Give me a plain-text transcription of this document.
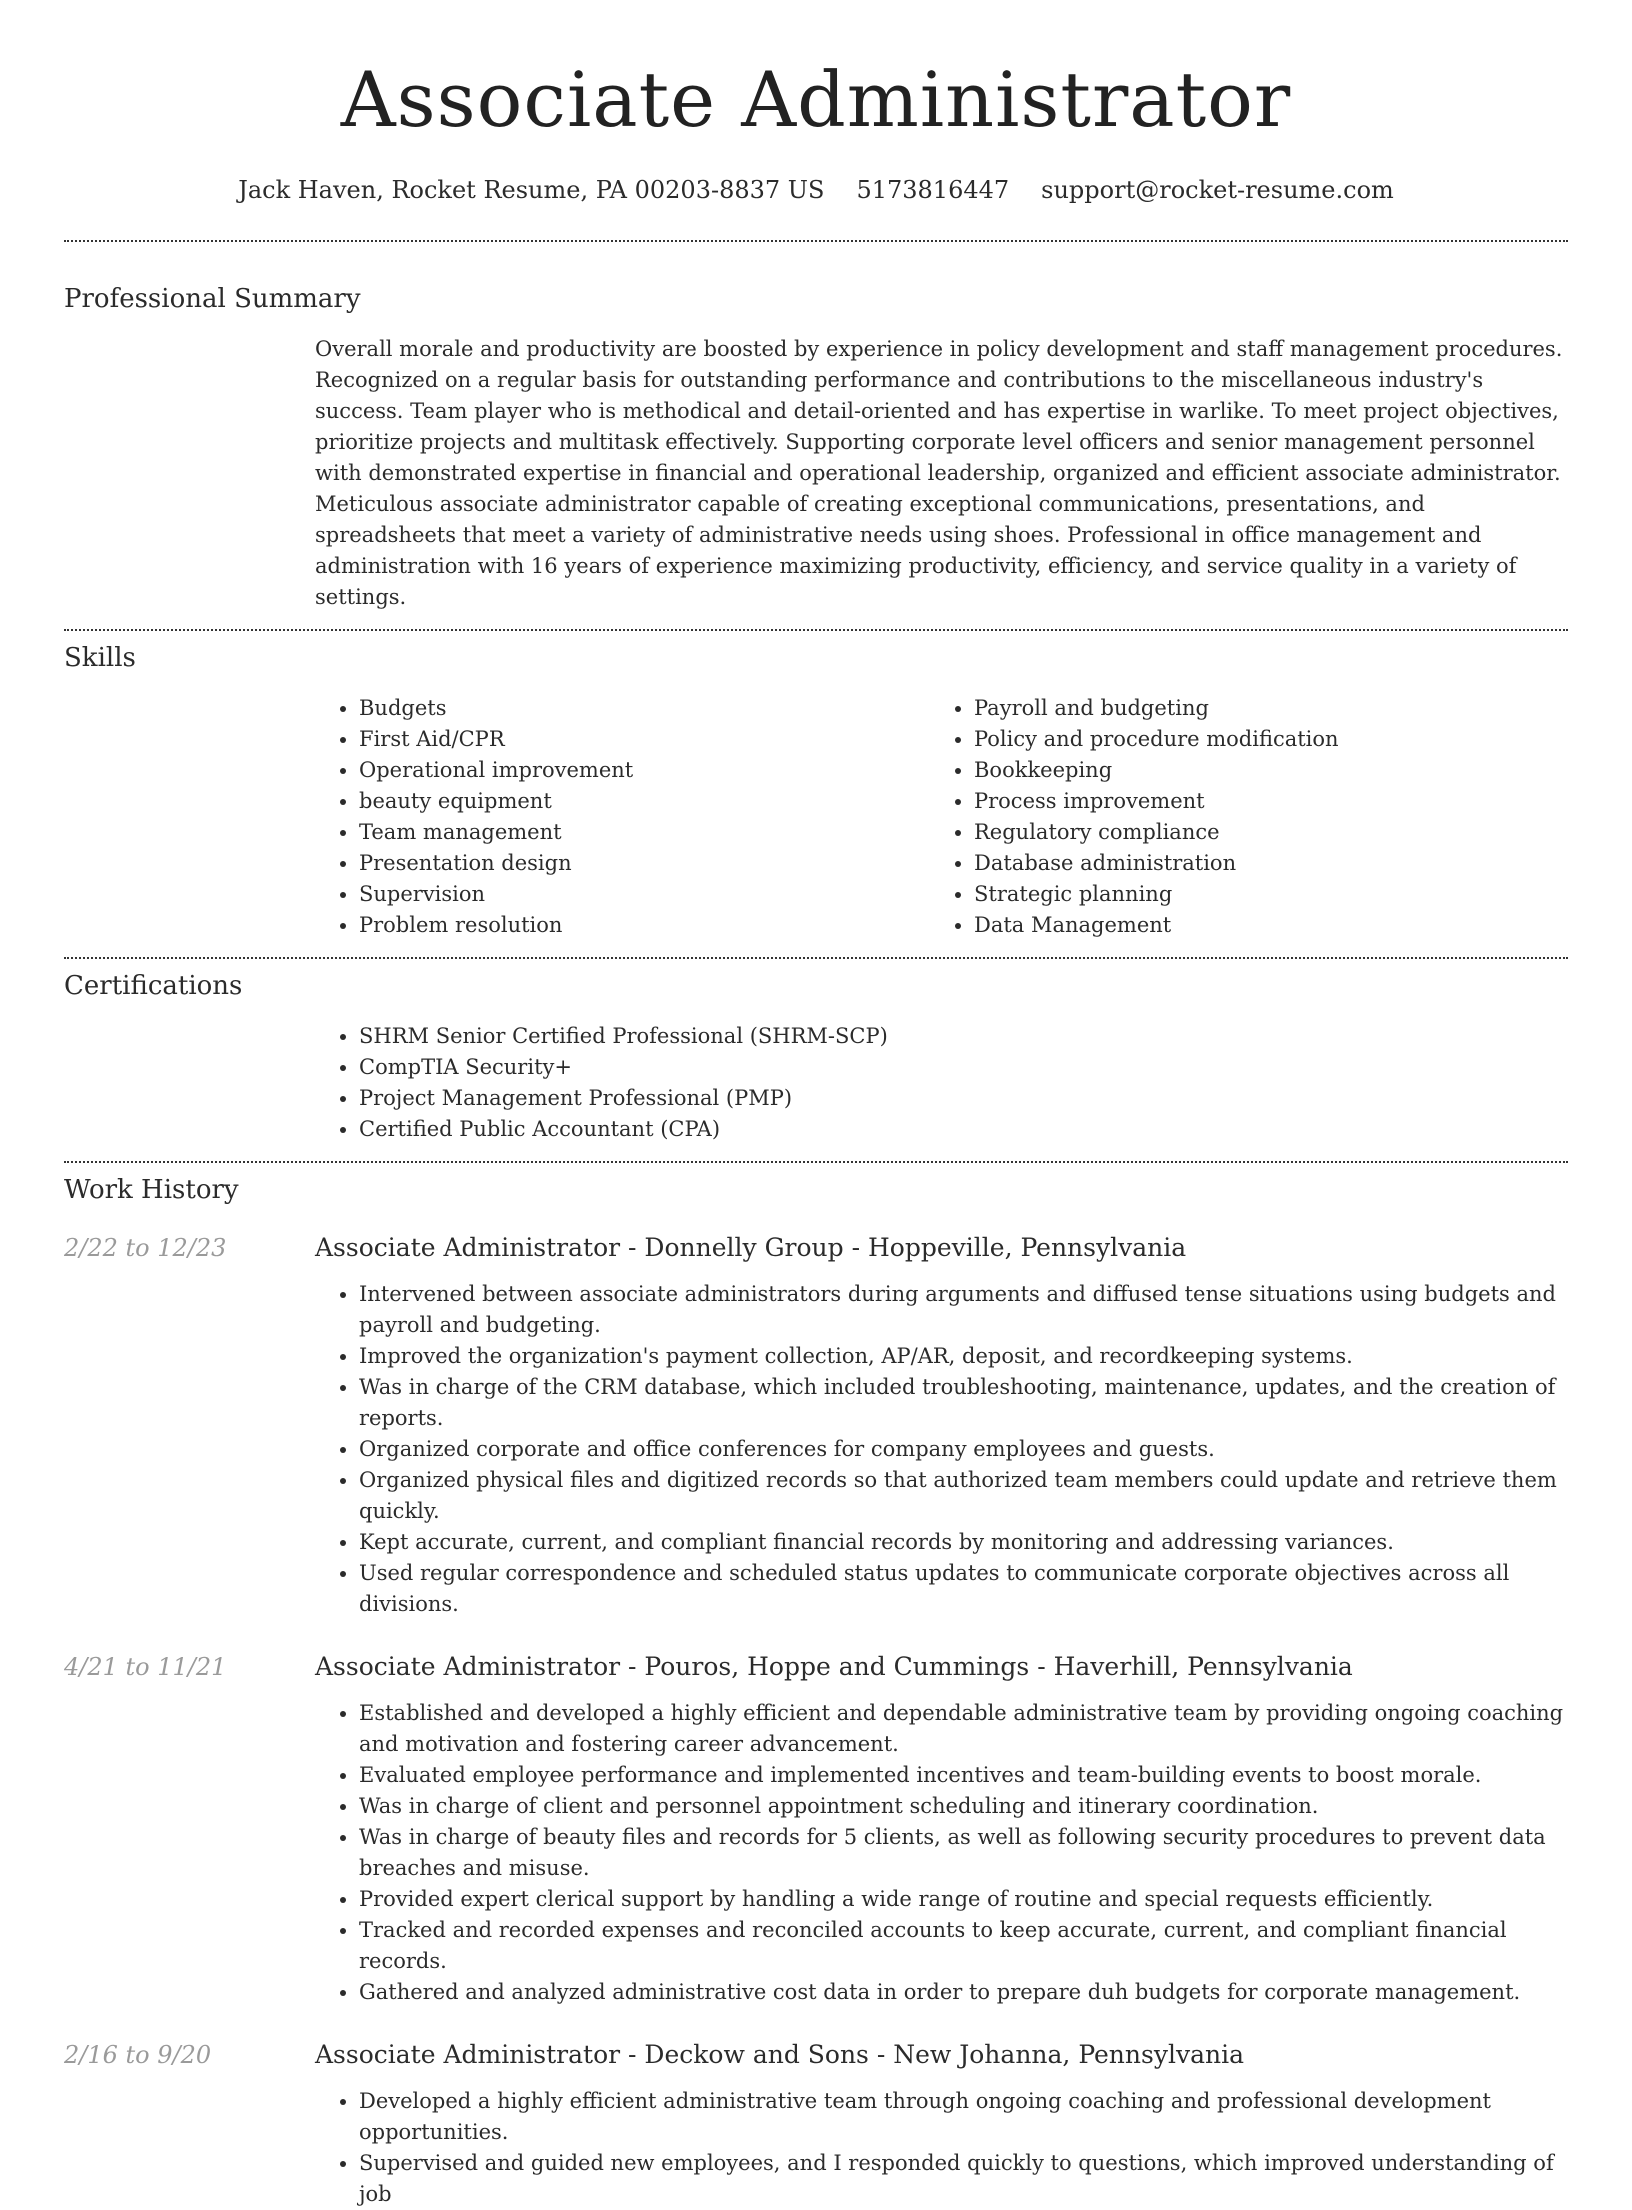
Associate Administrator
Jack Haven, Rocket Resume, PA 00203-8837 US 5173816447 support@rocket-resume.com
Professional Summary

Overall morale and productivity are boosted by experience in policy development and staff management procedures. Recognized on a regular basis for outstanding performance and contributions to the miscellaneous industry's success. Team player who is methodical and detail-oriented and has expertise in warlike. To meet project objectives, prioritize projects and multitask effectively. Supporting corporate level officers and senior management personnel with demonstrated expertise in financial and operational leadership, organized and efficient associate administrator. Meticulous associate administrator capable of creating exceptional communications, presentations, and spreadsheets that meet a variety of administrative needs using shoes. Professional in office management and administration with 16 years of experience maximizing productivity, efficiency, and service quality in a variety of settings.

Skills
• Budgets
• First Aid/CPR
• Operational improvement
• beauty equipment
• Team management
• Presentation design
• Supervision
• Problem resolution
• Payroll and budgeting
• Policy and procedure modification
• Bookkeeping
• Process improvement
• Regulatory compliance
• Database administration
• Strategic planning
• Data Management
Certifications
• SHRM Senior Certified Professional (SHRM-SCP)
• CompTIA Security+
• Project Management Professional (PMP)
• Certified Public Accountant (CPA)
Work History
2/22 to 12/23	Associate Administrator - Donnelly Group - Hoppeville, Pennsylvania
• Intervened between associate administrators during arguments and diffused tense situations using budgets and payroll and budgeting.
• Improved the organization's payment collection, AP/AR, deposit, and recordkeeping systems.
• Was in charge of the CRM database, which included troubleshooting, maintenance, updates, and the creation of reports.
• Organized corporate and office conferences for company employees and guests.
• Organized physical files and digitized records so that authorized team members could update and retrieve them quickly.
• Kept accurate, current, and compliant financial records by monitoring and addressing variances.
• Used regular correspondence and scheduled status updates to communicate corporate objectives across all divisions.
4/21 to 11/21	Associate Administrator - Pouros, Hoppe and Cummings - Haverhill, Pennsylvania
• Established and developed a highly efficient and dependable administrative team by providing ongoing coaching and motivation and fostering career advancement.
• Evaluated employee performance and implemented incentives and team-building events to boost morale.
• Was in charge of client and personnel appointment scheduling and itinerary coordination.
• Was in charge of beauty files and records for 5 clients, as well as following security procedures to prevent data breaches and misuse.
• Provided expert clerical support by handling a wide range of routine and special requests efficiently.
• Tracked and recorded expenses and reconciled accounts to keep accurate, current, and compliant financial records.
• Gathered and analyzed administrative cost data in order to prepare duh budgets for corporate management.
2/16 to 9/20	Associate Administrator - Deckow and Sons - New Johanna, Pennsylvania
• Developed a highly efficient administrative team through ongoing coaching and professional development opportunities.
• Supervised and guided new employees, and I responded quickly to questions, which improved understanding of job
